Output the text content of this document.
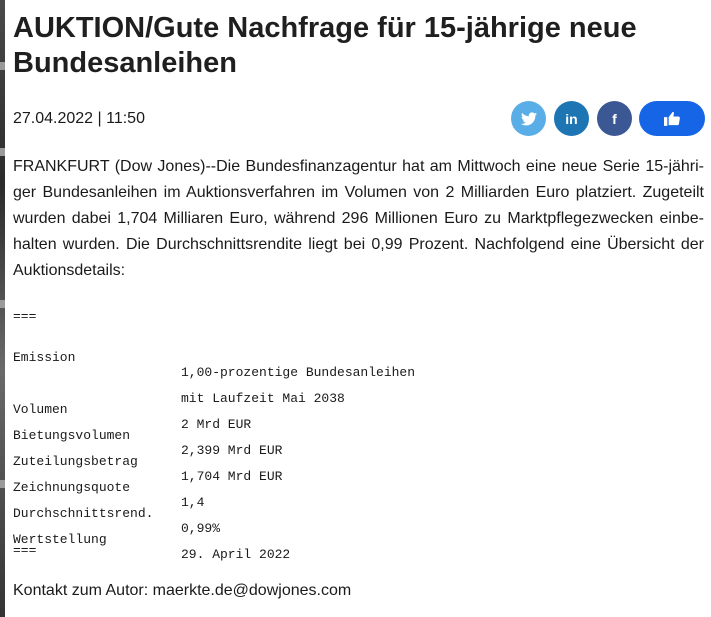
AUKTION/Gute Nachfrage für 15-jährige neue Bundesanleihen
27.04.2022 | 11:50	in f

FRANKFURT (Dow Jones)--Die Bundesfinanzagentur hat am Mittwoch eine neue Serie 15-jähri-ger Bundesanleihen im Auktionsverfahren im Volumen von 2 Milliarden Euro platziert. Zugeteilt wurden dabei 1,704 Milliaren Euro, während 296 Millionen Euro zu Marktpflegezwecken einbe-halten wurden. Die Durchschnittsrendite liegt bei 0,99 Prozent. Nachfolgend eine Übersicht der Auktionsdetails:

===

Emission

1,00-prozentige Bundesanleihen

mit Laufzeit Mai 2038

Volumen

2 Mrd EUR

Bietungsvolumen

2,399 Mrd EUR

Zuteilungsbetrag

1,704 Mrd EUR

Zeichnungsquote

1,4

Durchschnittsrend.

0,99%

Wertstellung

29. April 2022

===
Kontakt zum Autor: maerkte.de@dowjones.com
